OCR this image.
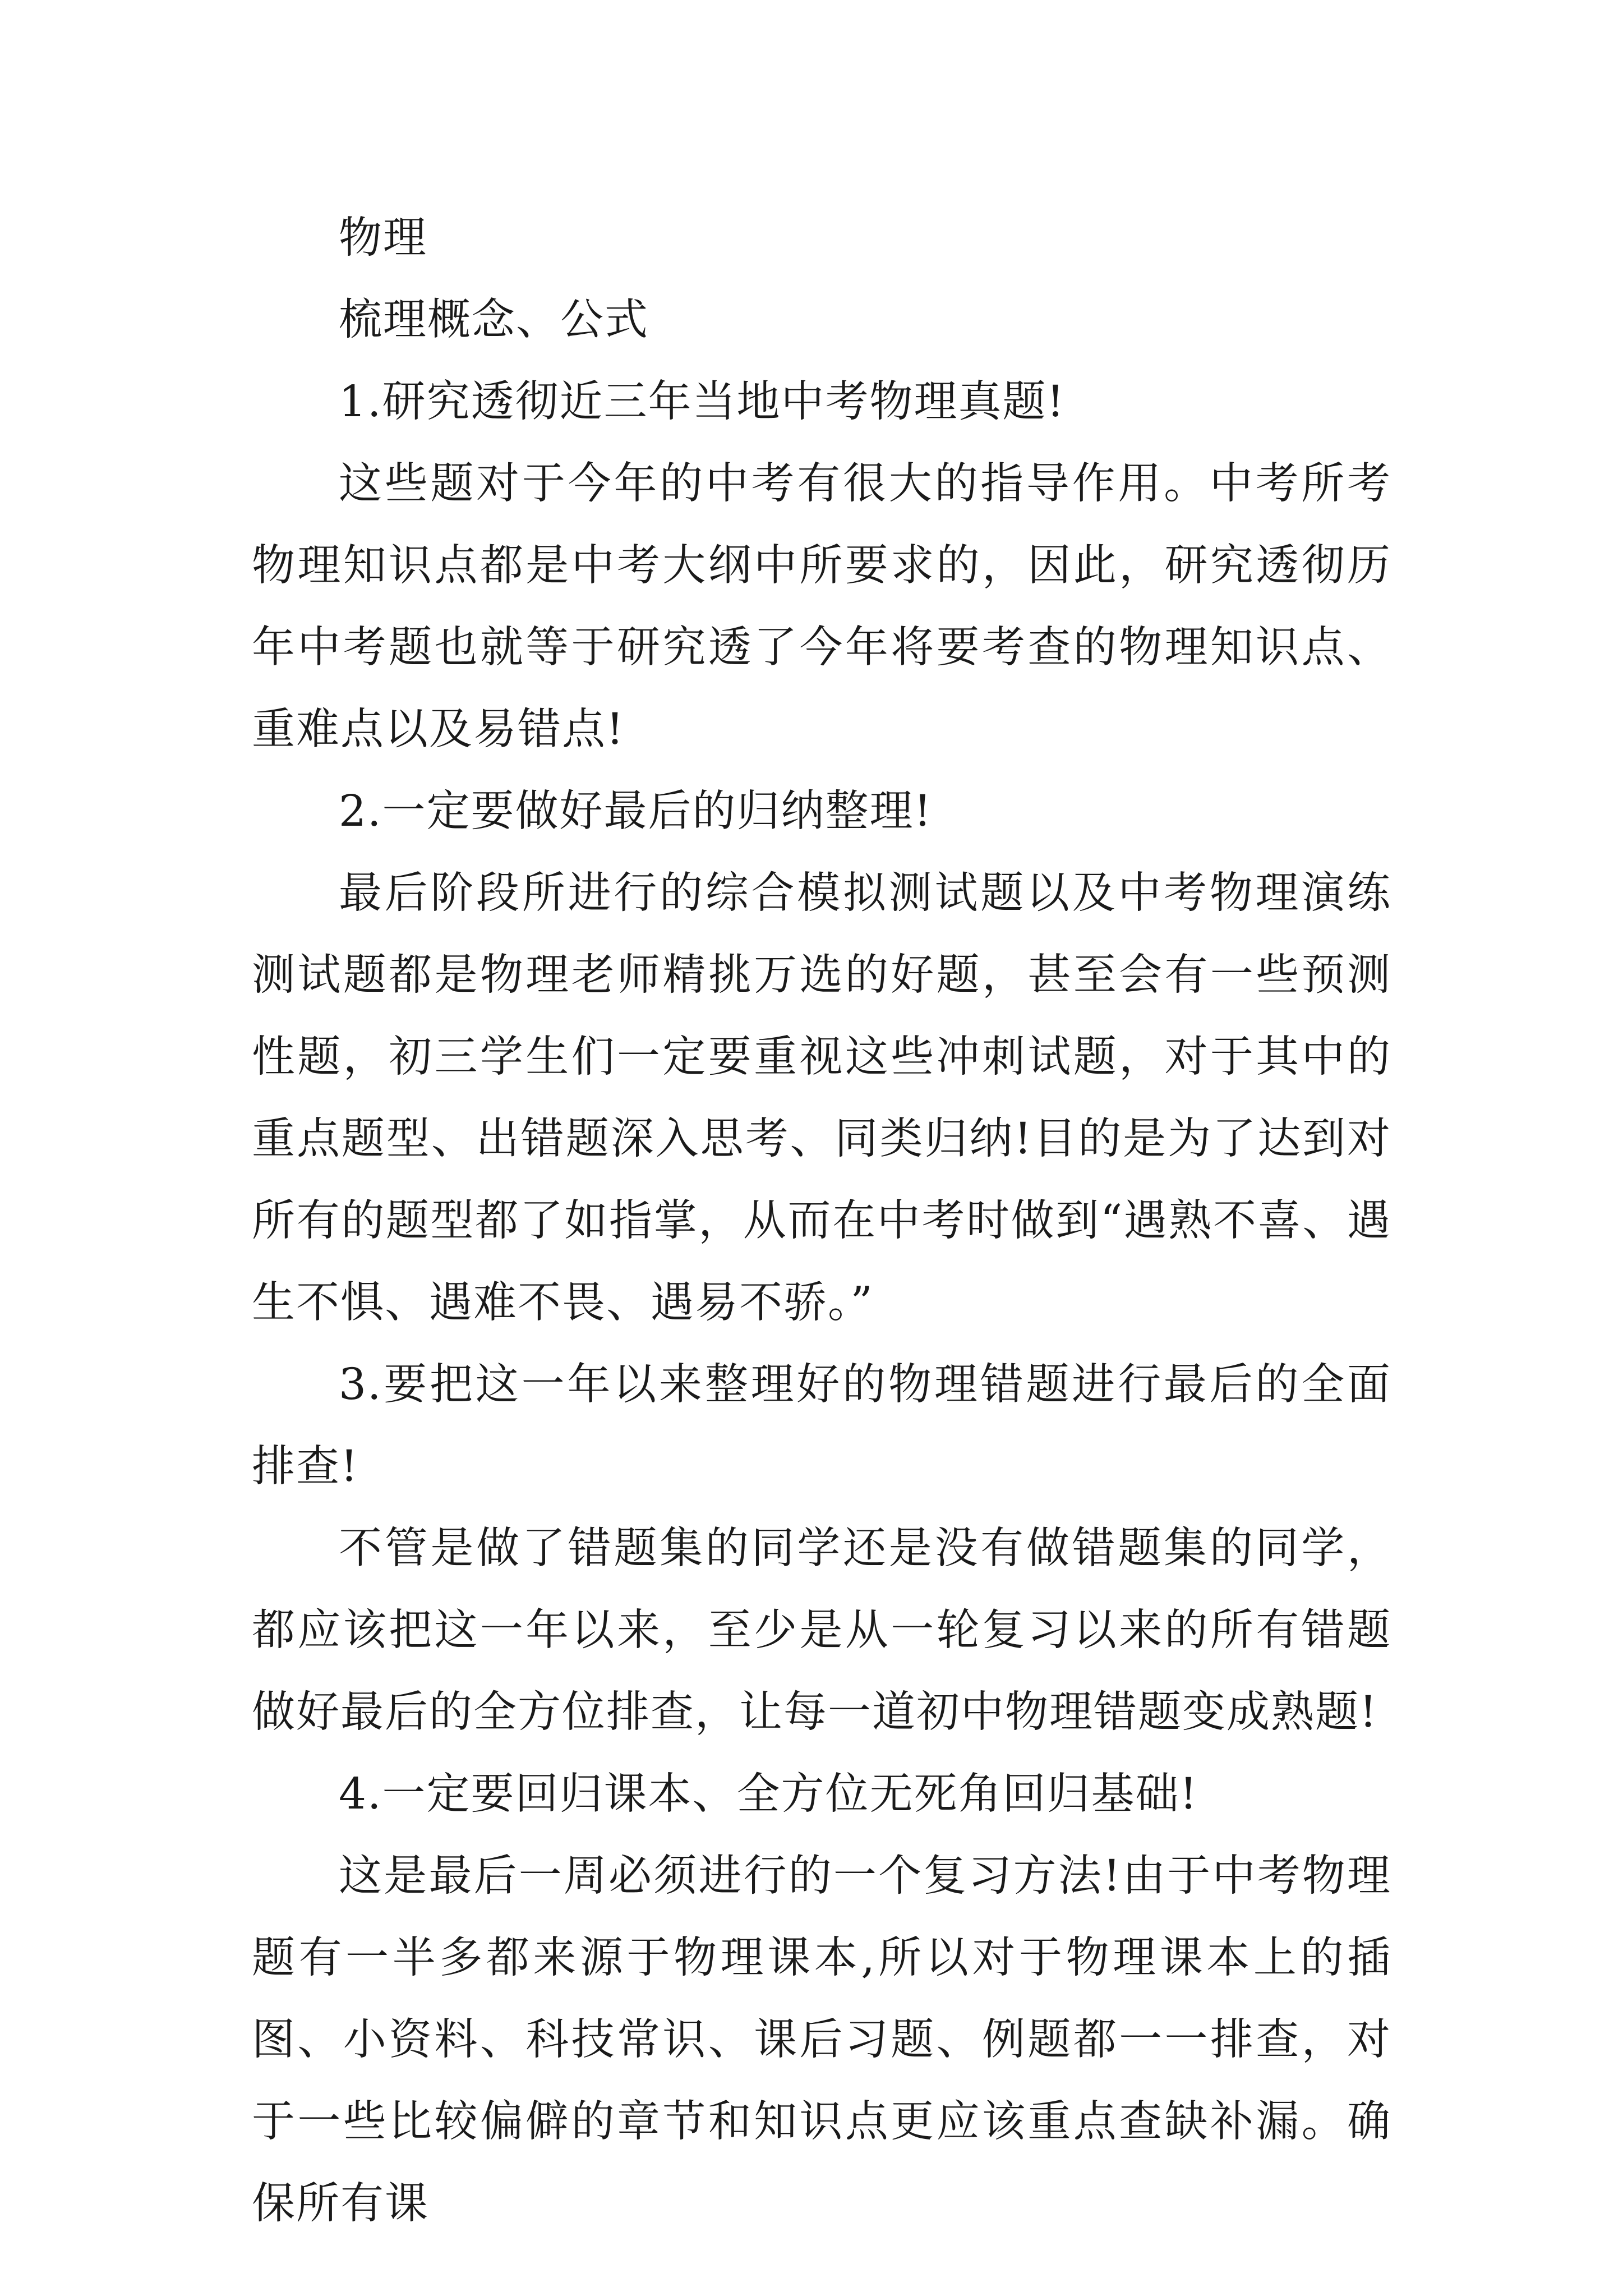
物理

梳理概念、公式

1.研究透彻近三年当地中考物理真题!

这些题对于今年的中考有很大的指导作用。中考所考物理知识点都是中考大纲中所要求的，因此，研究透彻历年中考题也就等于研究透了今年将要考查的物理知识点、重难点以及易错点!

2.一定要做好最后的归纳整理!

最后阶段所进行的综合模拟测试题以及中考物理演练测试题都是物理老师精挑万选的好题，甚至会有一些预测性题，初三学生们一定要重视这些冲刺试题，对于其中的重点题型、出错题深入思考、同类归纳!目的是为了达到对所有的题型都了如指掌，从而在中考时做到“遇熟不喜、遇生不惧、遇难不畏、遇易不骄。”

3.要把这一年以来整理好的物理错题进行最后的全面排查!

不管是做了错题集的同学还是没有做错题集的同学，都应该把这一年以来，至少是从一轮复习以来的所有错题做好最后的全方位排查，让每一道初中物理错题变成熟题!

4.一定要回归课本、全方位无死角回归基础!

这是最后一周必须进行的一个复习方法!由于中考物理题有一半多都来源于物理课本,所以对于物理课本上的插图、小资料、科技常识、课后习题、例题都一一排查，对于一些比较偏僻的章节和知识点更应该重点查缺补漏。确保所有课
